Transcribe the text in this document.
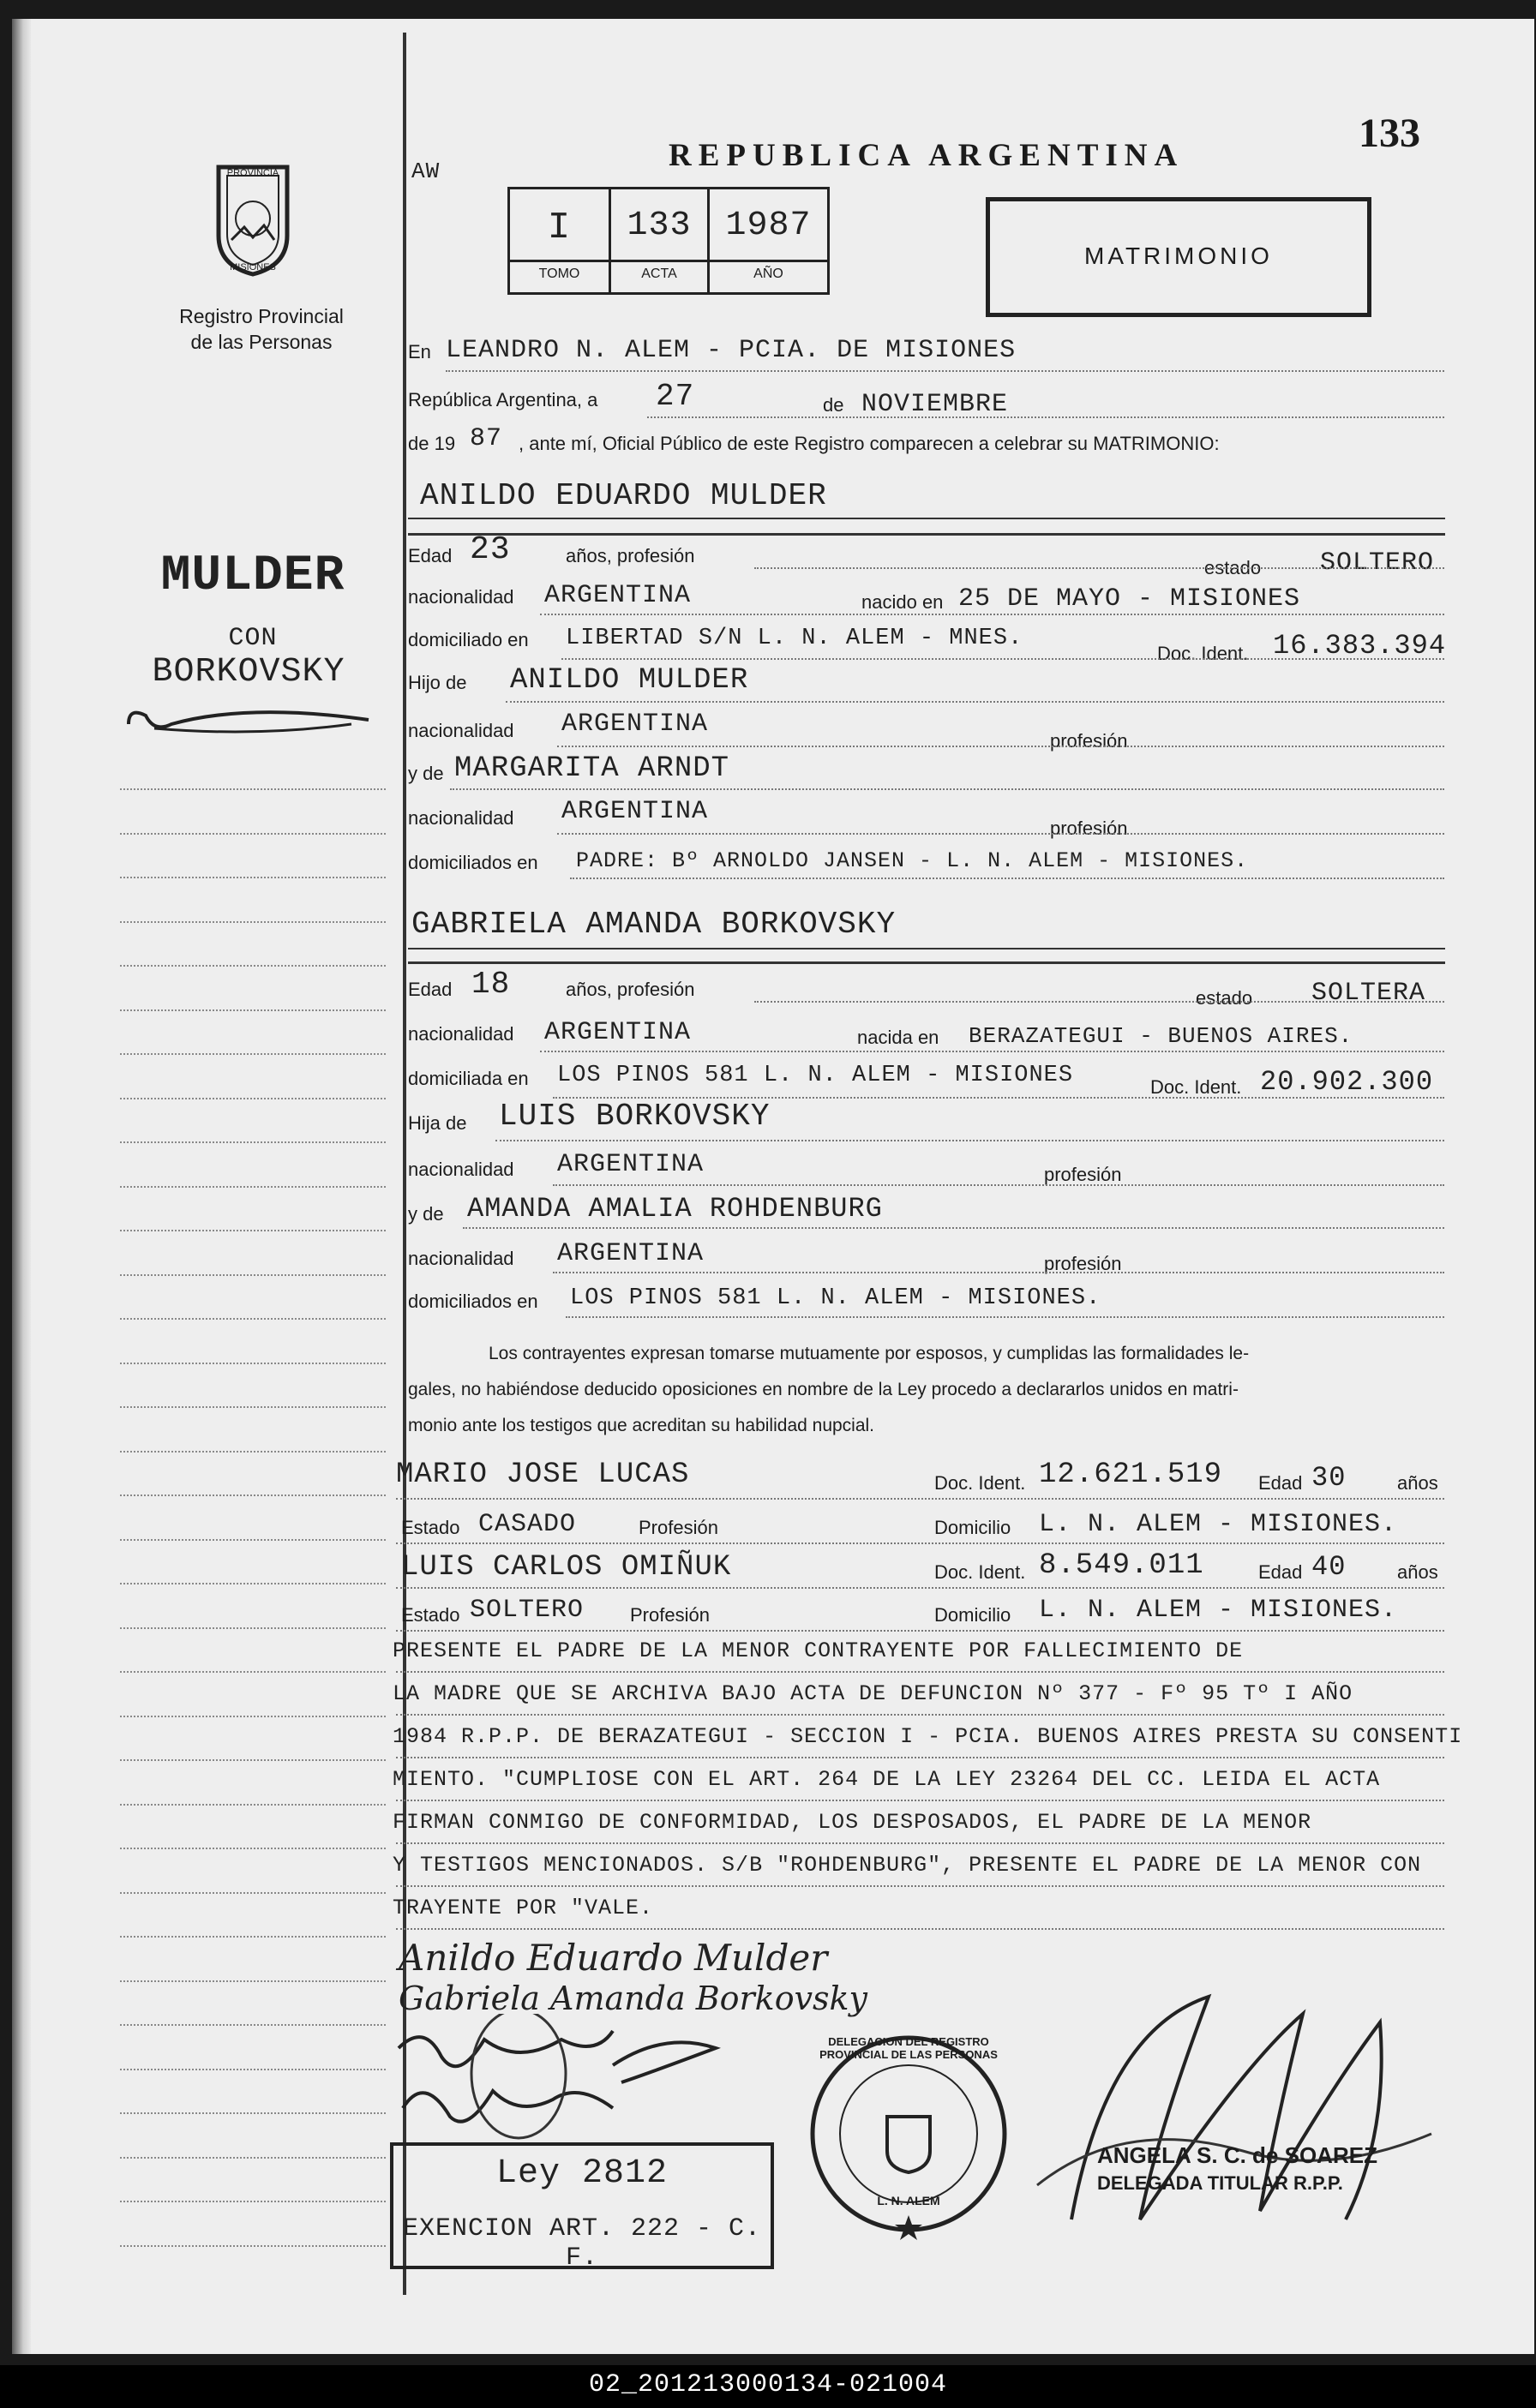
PROVINCIA
MISIONES
Registro Provincial
de las Personas
MULDER
CON
BORKOVSKY
AW	REPUBLICA ARGENTINA	133
I	133 1987
TOMO	ACTA	AÑO
MATRIMONIO
En LEANDRO N. ALEM - PCIA. DE MISIONES
República Argentina, a 27	de NOVIEMBRE
de 19 87 , ante mí, Oficial Público de este Registro comparecen a celebrar su MATRIMONIO:
ANILDO EDUARDO MULDER
Edad 23	años, profesión
estado SOLTERO
nacionalidad ARGENTINA	nacido en 25 DE MAYO - MISIONES
domiciliado en LIBERTAD S/N L. N. ALEM - MNES.
Doc. Ident. 16.383.394
Hijo de ANILDO MULDER
nacionalidad ARGENTINA
profesión
y de MARGARITA ARNDT
nacionalidad ARGENTINA
profesión
domiciliados en PADRE: Bº ARNOLDO JANSEN - L. N. ALEM - MISIONES.
GABRIELA AMANDA BORKOVSKY
Edad 18	años, profesión	estado SOLTERA
nacionalidad ARGENTINA	nacida en BERAZATEGUI - BUENOS AIRES.
domiciliada en LOS PINOS 581 L. N. ALEM - MISIONES	Doc. Ident. 20.902.300
Hija de LUIS BORKOVSKY
nacionalidad ARGENTINA	profesión
y de AMANDA AMALIA ROHDENBURG
nacionalidad ARGENTINA	profesión
domiciliados en LOS PINOS 581 L. N. ALEM - MISIONES.
Los contrayentes expresan tomarse mutuamente por esposos, y cumplidas las formalidades le-
gales, no habiéndose deducido oposiciones en nombre de la Ley procedo a declararlos unidos en matri-
monio ante los testigos que acreditan su habilidad nupcial.
MARIO JOSE LUCAS	Doc. Ident. 12.621.519 Edad 30	años
Estado CASADO	Profesión	Domicilio L. N. ALEM - MISIONES.
LUIS CARLOS OMIÑUK	Doc. Ident. 8.549.011	Edad 40	años
Estado SOLTERO Profesión	Domicilio L. N. ALEM - MISIONES.
PRESENTE EL PADRE DE LA MENOR CONTRAYENTE POR FALLECIMIENTO DE
LA MADRE QUE SE ARCHIVA BAJO ACTA DE DEFUNCION Nº 377 - Fº 95 Tº I AÑO
1984 R.P.P. DE BERAZATEGUI - SECCION I - PCIA. BUENOS AIRES PRESTA SU CONSENTI
MIENTO. "CUMPLIOSE CON EL ART. 264 DE LA LEY 23264 DEL CC. LEIDA EL ACTA
FIRMAN CONMIGO DE CONFORMIDAD, LOS DESPOSADOS, EL PADRE DE LA MENOR
Y TESTIGOS MENCIONADOS. S/B "ROHDENBURG", PRESENTE EL PADRE DE LA MENOR CON
TRAYENTE POR "VALE.
Anildo Eduardo Mulder
Gabriela Amanda Borkovsky
Ley 2812
EXENCION ART. 222 - C. F.
DELEGACION DEL REGISTRO PROVINCIAL DE LAS PERSONAS
L. N. ALEM
ANGELA S. C. de SOAREZ
DELEGADA TITULAR R.P.P.
02_201213000134-021004
